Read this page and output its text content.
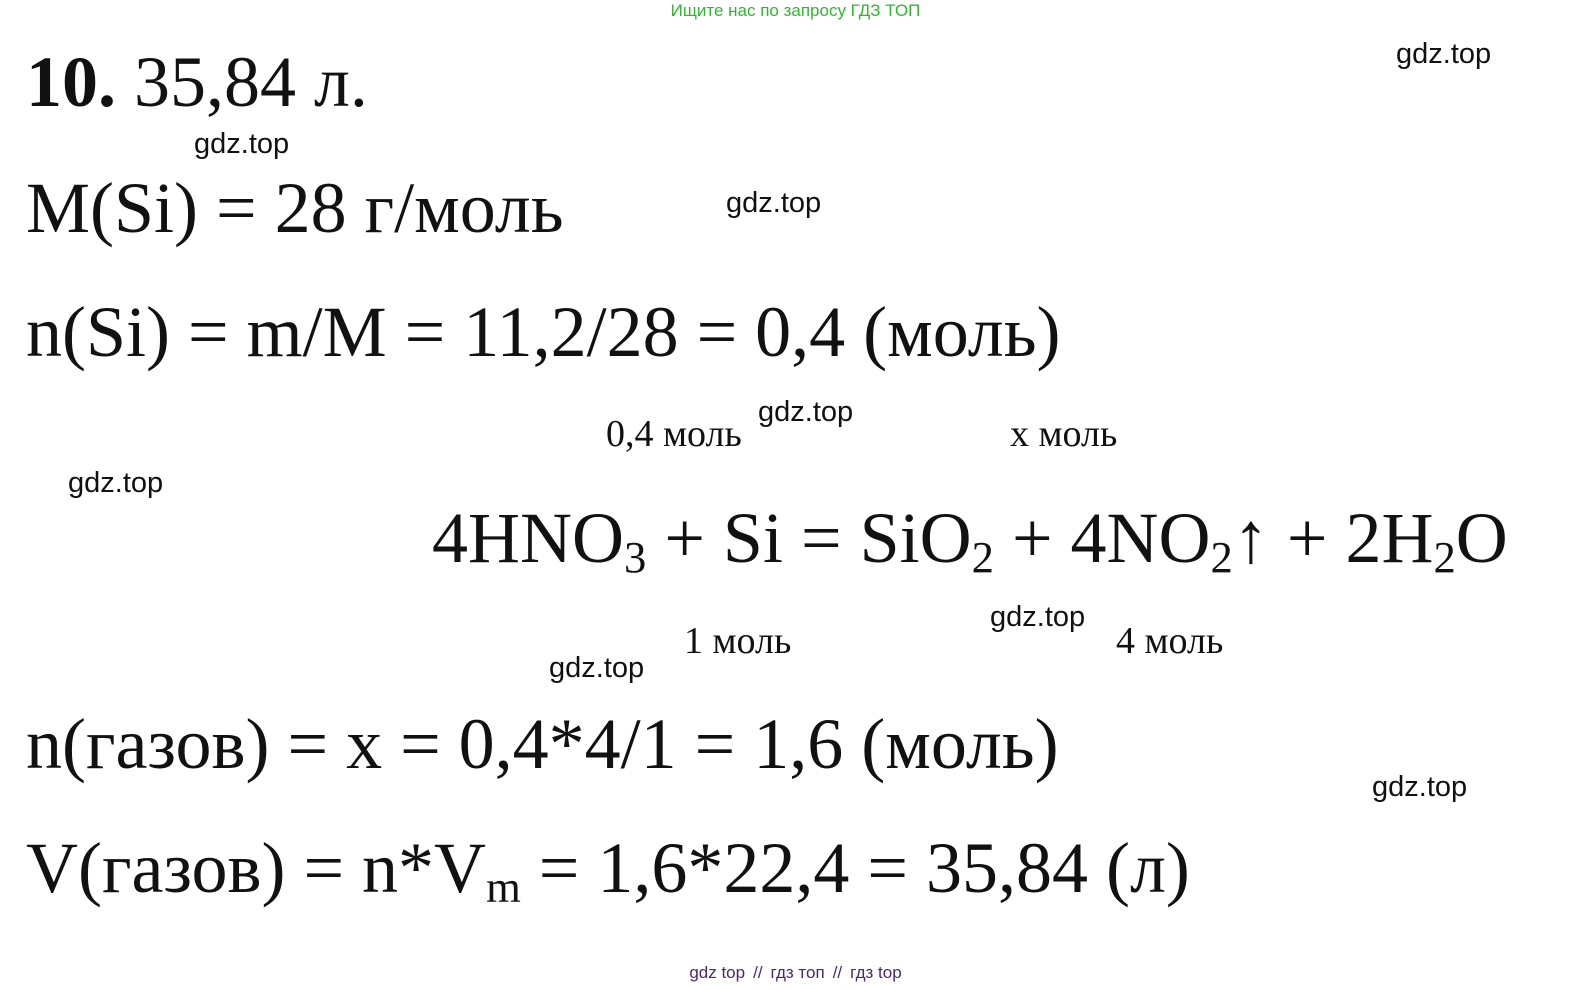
Ищите нас по запросу ГДЗ ТОП
gdz.top
gdz.top
gdz.top
gdz.top
gdz.top
gdz.top
gdz.top
gdz.top
10. 35,84 л.
M(Si) = 28 г/моль
n(Si) = m/M = 11,2/28 = 0,4 (моль)
0,4 моль	x моль
$4HNO_3 + Si = SiO_2$ + $4NO_2↑ + 2H_2O$
1 моль	4 моль
n(газов) = x = 0,4*4/1 = 1,6 (моль)
V(газов) = $n*V_m = 1,6*22,4 = 35,84$ (л)
gdz top // гдз топ // гдз top
